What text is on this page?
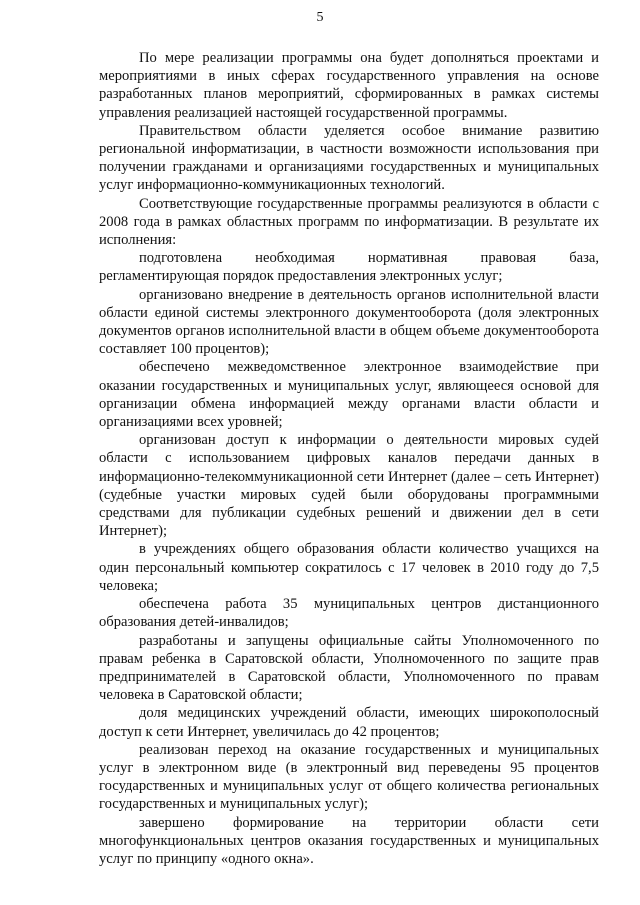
5

По мере реализации программы она будет дополняться проектами и мероприятиями в иных сферах государственного управления на основе разработанных планов мероприятий, сформированных в рамках системы управления реализацией настоящей государственной программы.

Правительством области уделяется особое внимание развитию региональной информатизации, в частности возможности использования при получении гражданами и организациями государственных и муниципальных услуг информационно-коммуникационных технологий.

Соответствующие государственные программы реализуются в области с 2008 года в рамках областных программ по информатизации. В результате их исполнения:

подготовлена необходимая нормативная правовая база, регламентирующая порядок предоставления электронных услуг;

организовано внедрение в деятельность органов исполнительной власти области единой системы электронного документооборота (доля электронных документов органов исполнительной власти в общем объеме документооборота составляет 100 процентов);

обеспечено межведомственное электронное взаимодействие при оказании государственных и муниципальных услуг, являющееся основой для организации обмена информацией между органами власти области и организациями всех уровней;

организован доступ к информации о деятельности мировых судей области с использованием цифровых каналов передачи данных в информационно-телекоммуникационной сети Интернет (далее – сеть Интернет) (судебные участки мировых судей были оборудованы программными средствами для публикации судебных решений и движении дел в сети Интернет);

в учреждениях общего образования области количество учащихся на один персональный компьютер сократилось с 17 человек в 2010 году до 7,5 человека;

обеспечена работа 35 муниципальных центров дистанционного образования детей-инвалидов;

разработаны и запущены официальные сайты Уполномоченного по правам ребенка в Саратовской области, Уполномоченного по защите прав предпринимателей в Саратовской области, Уполномоченного по правам человека в Саратовской области;

доля медицинских учреждений области, имеющих широкополосный доступ к сети Интернет, увеличилась до 42 процентов;

реализован переход на оказание государственных и муниципальных услуг в электронном виде (в электронный вид переведены 95 процентов государственных и муниципальных услуг от общего количества региональных государственных и муниципальных услуг);

завершено формирование на территории области сети многофункциональных центров оказания государственных и муниципальных услуг по принципу «одного окна».
